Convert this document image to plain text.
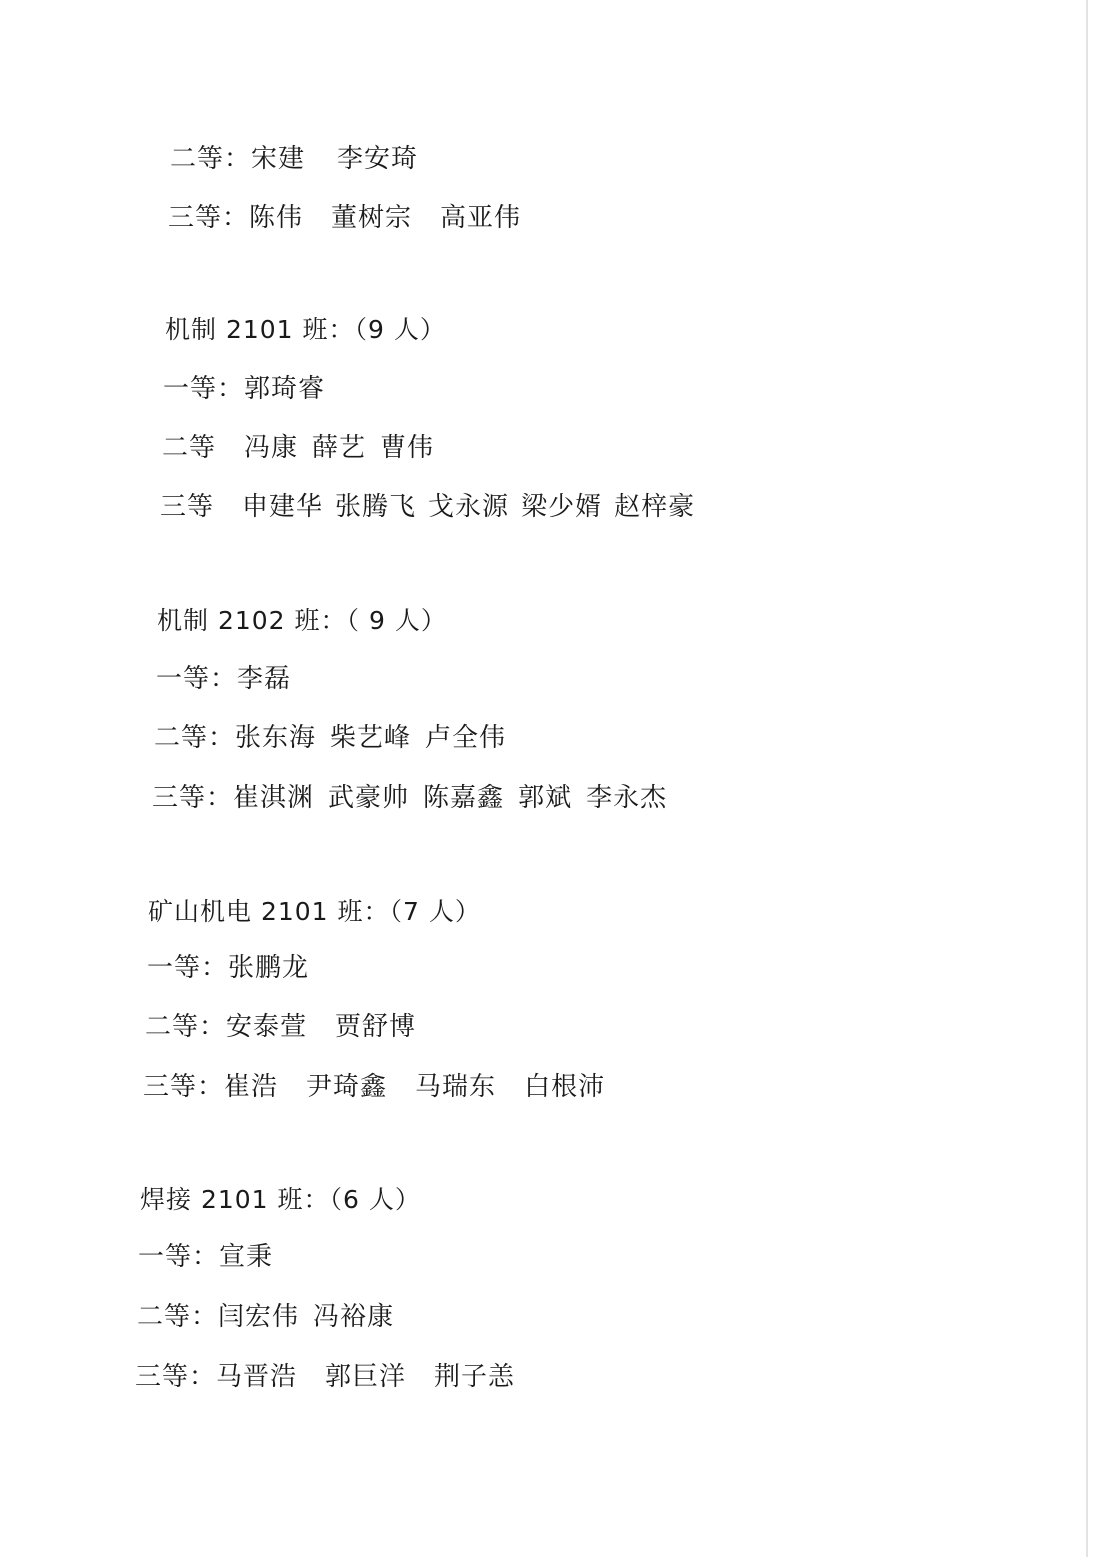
二等：宋建 李安琦
三等：陈伟 董树宗 高亚伟
机制 2101 班：（9 人）
一等：郭琦睿
二等 冯康 薛艺 曹伟
三等 申建华 张腾飞 戈永源 梁少婿 赵梓豪
机制 2102 班：（ 9 人）
一等：李磊
二等：张东海 柴艺峰 卢全伟
三等：崔淇渊 武豪帅 陈嘉鑫 郭斌 李永杰
矿山机电 2101 班：（7 人）
一等：张鹏龙
二等：安泰萱 贾舒博
三等：崔浩 尹琦鑫 马瑞东 白根沛
焊接 2101 班：（6 人）
一等：宣秉
二等：闫宏伟 冯裕康
三等：马晋浩 郭巨洋 荆子恙
